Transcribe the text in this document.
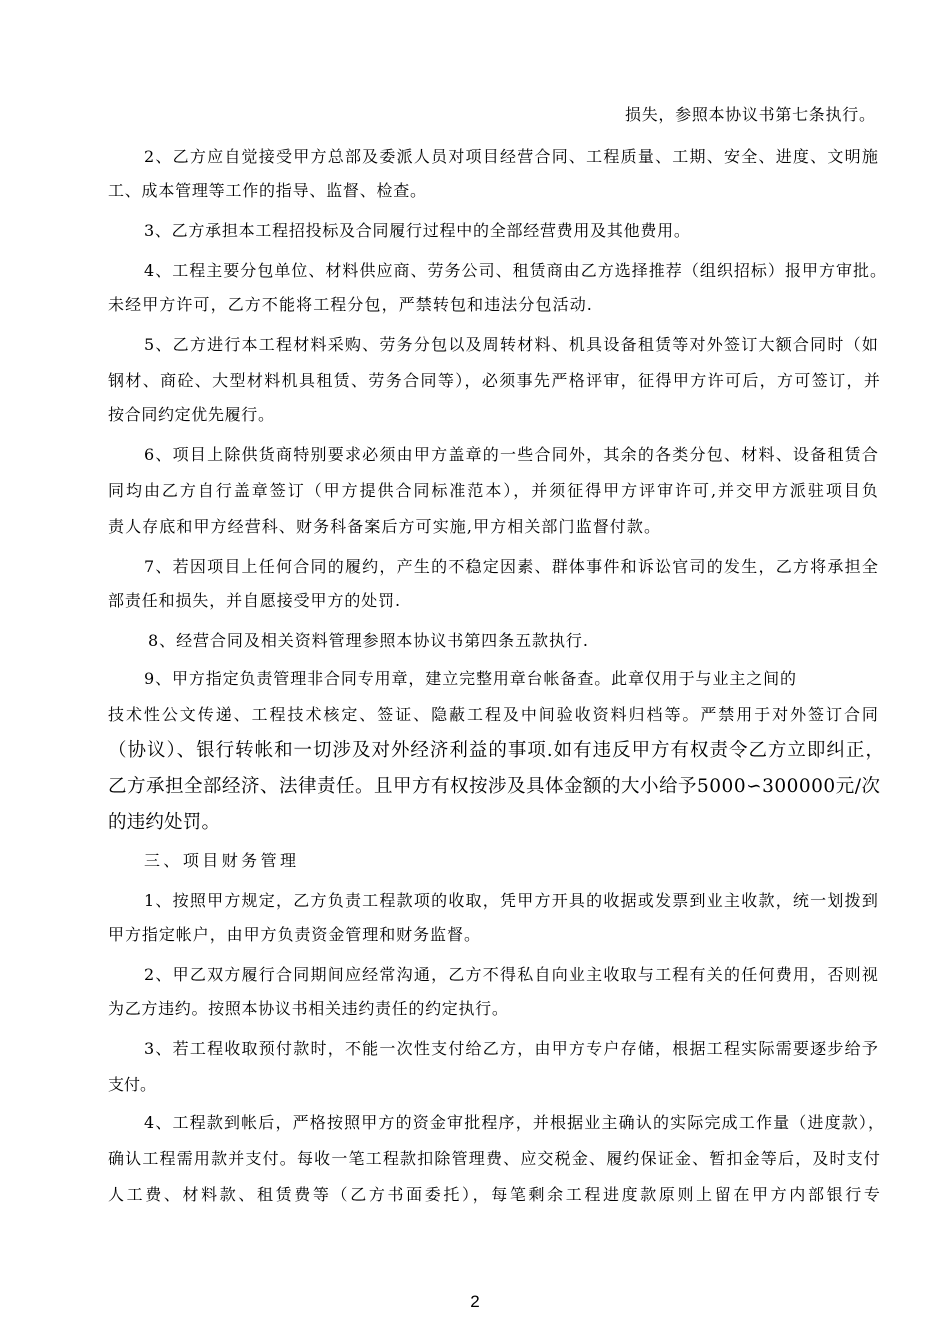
损失，参照本协议书第七条执行。
2、乙方应自觉接受甲方总部及委派人员对项目经营合同、工程质量、工期、安全、进度、文明施
工、成本管理等工作的指导、监督、检查。
3、乙方承担本工程招投标及合同履行过程中的全部经营费用及其他费用。
4、工程主要分包单位、材料供应商、劳务公司、租赁商由乙方选择推荐（组织招标）报甲方审批。
未经甲方许可，乙方不能将工程分包，严禁转包和违法分包活动.
5、乙方进行本工程材料采购、劳务分包以及周转材料、机具设备租赁等对外签订大额合同时（如
钢材、商砼、大型材料机具租赁、劳务合同等），必须事先严格评审，征得甲方许可后，方可签订，并
按合同约定优先履行。
6、项目上除供货商特别要求必须由甲方盖章的一些合同外，其余的各类分包、材料、设备租赁合
同均由乙方自行盖章签订（甲方提供合同标准范本），并须征得甲方评审许可,并交甲方派驻项目负
责人存底和甲方经营科、财务科备案后方可实施,甲方相关部门监督付款。
7、若因项目上任何合同的履约，产生的不稳定因素、群体事件和诉讼官司的发生，乙方将承担全
部责任和损失，并自愿接受甲方的处罚.
8、经营合同及相关资料管理参照本协议书第四条五款执行.
9、甲方指定负责管理非合同专用章，建立完整用章台帐备查。此章仅用于与业主之间的
技术性公文传递、工程技术核定、签证、隐蔽工程及中间验收资料归档等。严禁用于对外签订合同
（协议）、银行转帐和一切涉及对外经济利益的事项.如有违反甲方有权责令乙方立即纠正，
乙方承担全部经济、法律责任。且甲方有权按涉及具体金额的大小给予5000∽300000元/次
的违约处罚。
三、项目财务管理
1、按照甲方规定，乙方负责工程款项的收取，凭甲方开具的收据或发票到业主收款，统一划拨到
甲方指定帐户，由甲方负责资金管理和财务监督。
2、甲乙双方履行合同期间应经常沟通，乙方不得私自向业主收取与工程有关的任何费用，否则视
为乙方违约。按照本协议书相关违约责任的约定执行。
3、若工程收取预付款时，不能一次性支付给乙方，由甲方专户存储，根据工程实际需要逐步给予
支付。
4、工程款到帐后，严格按照甲方的资金审批程序，并根据业主确认的实际完成工作量（进度款），
确认工程需用款并支付。每收一笔工程款扣除管理费、应交税金、履约保证金、暂扣金等后，及时支付
人工费、材料款、租赁费等（乙方书面委托），每笔剩余工程进度款原则上留在甲方内部银行专
2
